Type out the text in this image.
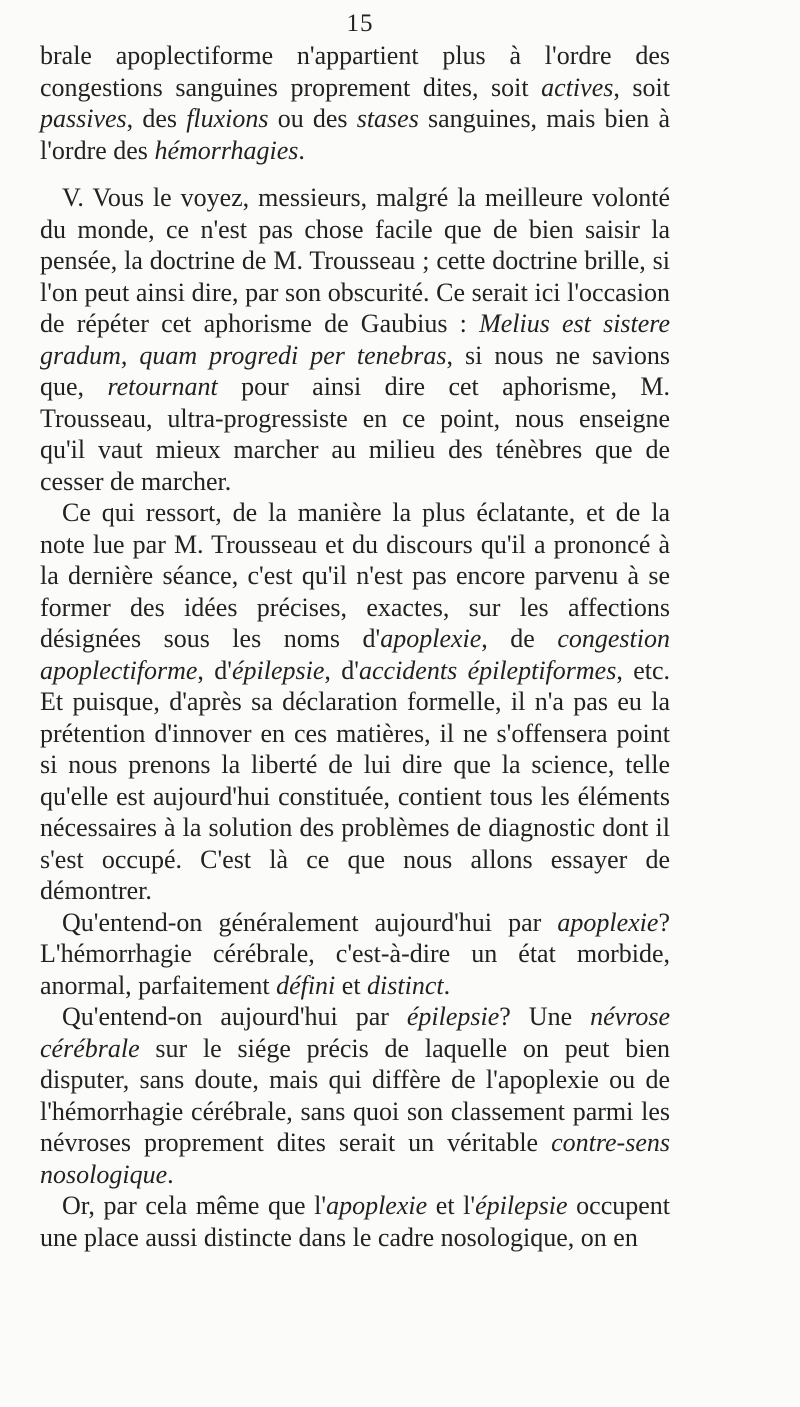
15

brale apoplectiforme n'appartient plus à l'ordre des congestions sanguines proprement dites, soit actives, soit passives, des fluxions ou des stases sanguines, mais bien à l'ordre des hémorrhagies.

V. Vous le voyez, messieurs, malgré la meilleure volonté du monde, ce n'est pas chose facile que de bien saisir la pensée, la doctrine de M. Trousseau ; cette doctrine brille, si l'on peut ainsi dire, par son obscurité. Ce serait ici l'occasion de répéter cet aphorisme de Gaubius : Melius est sistere gradum, quam progredi per tenebras, si nous ne savions que, retournant pour ainsi dire cet aphorisme, M. Trousseau, ultra-progressiste en ce point, nous enseigne qu'il vaut mieux marcher au milieu des ténèbres que de cesser de marcher.

Ce qui ressort, de la manière la plus éclatante, et de la note lue par M. Trousseau et du discours qu'il a prononcé à la dernière séance, c'est qu'il n'est pas encore parvenu à se former des idées précises, exactes, sur les affections désignées sous les noms d'apoplexie, de congestion apoplectiforme, d'épilepsie, d'accidents épileptiformes, etc. Et puisque, d'après sa déclaration formelle, il n'a pas eu la prétention d'innover en ces matières, il ne s'offensera point si nous prenons la liberté de lui dire que la science, telle qu'elle est aujourd'hui constituée, contient tous les éléments nécessaires à la solution des problèmes de diagnostic dont il s'est occupé. C'est là ce que nous allons essayer de démontrer.

Qu'entend-on généralement aujourd'hui par apoplexie? L'hémorrhagie cérébrale, c'est-à-dire un état morbide, anormal, parfaitement défini et distinct.

Qu'entend-on aujourd'hui par épilepsie? Une névrose cérébrale sur le siége précis de laquelle on peut bien disputer, sans doute, mais qui diffère de l'apoplexie ou de l'hémorrhagie cérébrale, sans quoi son classement parmi les névroses proprement dites serait un véritable contre-sens nosologique.

Or, par cela même que l'apoplexie et l'épilepsie occupent une place aussi distincte dans le cadre nosologique, on en
